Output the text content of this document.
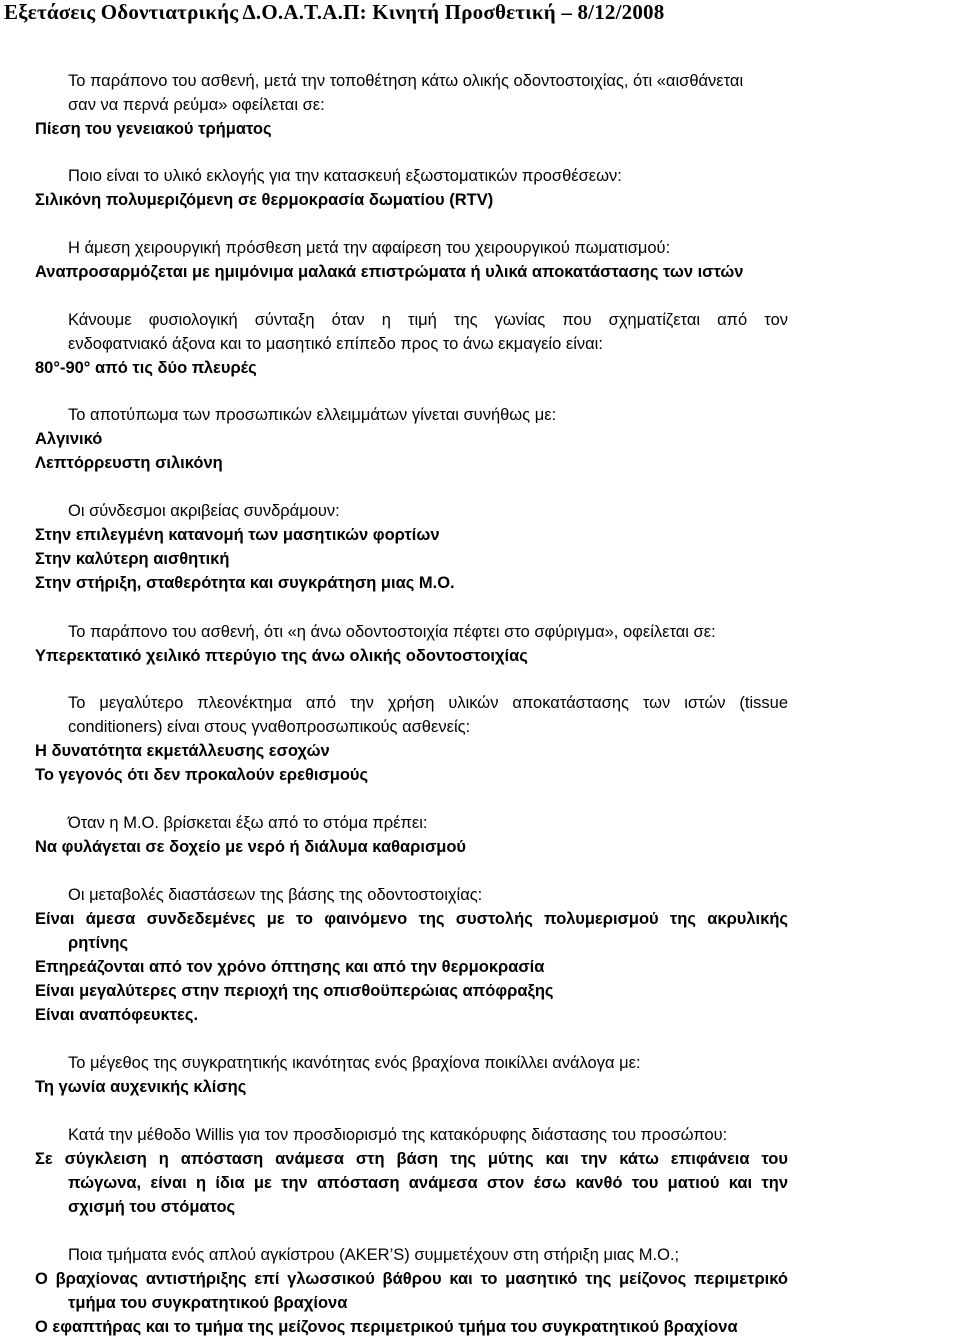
Εξετάσεις Οδοντιατρικής Δ.Ο.Α.Τ.Α.Π: Κινητή Προσθετική – 8/12/2008
Το παράπονο του ασθενή, μετά την τοποθέτηση κάτω ολικής οδοντοστοιχίας, ότι «αισθάνεται
σαν να περνά ρεύμα» οφείλεται σε:
Πίεση του γενειακού τρήματος
Ποιο είναι το υλικό εκλογής για την κατασκευή εξωστοματικών προσθέσεων:
Σιλικόνη πολυμεριζόμενη σε θερμοκρασία δωματίου (RTV)
Η άμεση χειρουργική πρόσθεση μετά την αφαίρεση του χειρουργικού πωματισμού:
Αναπροσαρμόζεται με ημιμόνιμα μαλακά επιστρώματα ή υλικά αποκατάστασης των ιστών
Κάνουμε φυσιολογική σύνταξη όταν η τιμή της γωνίας που σχηματίζεται από τον
ενδοφατνιακό άξονα και το μασητικό επίπεδο προς το άνω εκμαγείο είναι:
80°-90° από τις δύο πλευρές
Το αποτύπωμα των προσωπικών ελλειμμάτων γίνεται συνήθως με:
Αλγινικό
Λεπτόρρευστη σιλικόνη
Οι σύνδεσμοι ακριβείας συνδράμουν:
Στην επιλεγμένη κατανομή των μασητικών φορτίων
Στην καλύτερη αισθητική
Στην στήριξη, σταθερότητα και συγκράτηση μιας Μ.Ο.
Το παράπονο του ασθενή, ότι «η άνω οδοντοστοιχία πέφτει στο σφύριγμα», οφείλεται σε:
Υπερεκτατικό χειλικό πτερύγιο της άνω ολικής οδοντοστοιχίας
Το μεγαλύτερο πλεονέκτημα από την χρήση υλικών αποκατάστασης των ιστών (tissue
conditioners) είναι στους γναθοπροσωπικούς ασθενείς:
Η δυνατότητα εκμετάλλευσης εσοχών
Το γεγονός ότι δεν προκαλούν ερεθισμούς
Όταν η Μ.Ο. βρίσκεται έξω από το στόμα πρέπει:
Να φυλάγεται σε δοχείο με νερό ή διάλυμα καθαρισμού
Οι μεταβολές διαστάσεων της βάσης της οδοντοστοιχίας:
Είναι άμεσα συνδεδεμένες με το φαινόμενο της συστολής πολυμερισμού της ακρυλικής
ρητίνης
Επηρεάζονται από τον χρόνο όπτησης και από την θερμοκρασία
Είναι μεγαλύτερες στην περιοχή της οπισθοϋπερώιας απόφραξης
Είναι αναπόφευκτες.
Το μέγεθος της συγκρατητικής ικανότητας ενός βραχίονα ποικίλλει ανάλογα με:
Τη γωνία αυχενικής κλίσης
Κατά την μέθοδο Willis για τον προσδιορισμό της κατακόρυφης διάστασης του προσώπου:
Σε σύγκλειση η απόσταση ανάμεσα στη βάση της μύτης και την κάτω επιφάνεια του
πώγωνα, είναι η ίδια με την απόσταση ανάμεσα στον έσω κανθό του ματιού και την
σχισμή του στόματος
Ποια τμήματα ενός απλού αγκίστρου (AKER’S) συμμετέχουν στη στήριξη μιας Μ.Ο.;
Ο βραχίονας αντιστήριξης επί γλωσσικού βάθρου και το μασητικό της μείζονος περιμετρικό
τμήμα του συγκρατητικού βραχίονα
Ο εφαπτήρας και το τμήμα της μείζονος περιμετρικού τμήμα του συγκρατητικού βραχίονα
